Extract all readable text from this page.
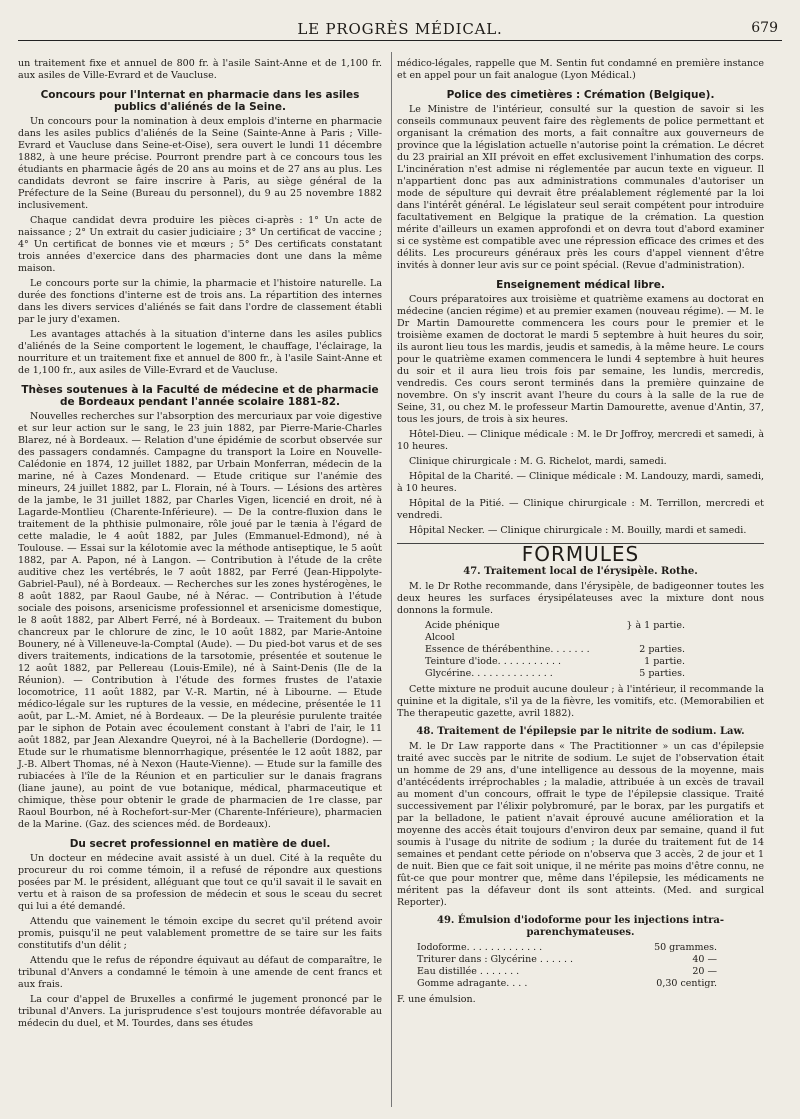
LE PROGRÈS MÉDICAL.	679

un traitement fixe et annuel de 800 fr. à l'asile Saint-Anne et de 1,100 fr. aux asiles de Ville-Evrard et de Vaucluse.

Concours pour l'Internat en pharmacie dans les asiles publics d'aliénés de la Seine.

Un concours pour la nomination à deux emplois d'interne en pharmacie dans les asiles publics d'aliénés de la Seine (Sainte-Anne à Paris ; Ville-Evrard et Vaucluse dans Seine-et-Oise), sera ouvert le lundi 11 décembre 1882, à une heure précise. Pourront prendre part à ce concours tous les étudiants en pharmacie âgés de 20 ans au moins et de 27 ans au plus. Les candidats devront se faire inscrire à Paris, au siège général de la Préfecture de la Seine (Bureau du personnel), du 9 au 25 novembre 1882 inclusivement.

Chaque candidat devra produire les pièces ci-après : 1° Un acte de naissance ; 2° Un extrait du casier judiciaire ; 3° Un certificat de vaccine ; 4° Un certificat de bonnes vie et mœurs ; 5° Des certificats constatant trois années d'exercice dans des pharmacies dont une dans la même maison.

Le concours porte sur la chimie, la pharmacie et l'histoire naturelle. La durée des fonctions d'interne est de trois ans. La répartition des internes dans les divers services d'aliénés se fait dans l'ordre de classement établi par le jury d'examen.

Les avantages attachés à la situation d'interne dans les asiles publics d'aliénés de la Seine comportent le logement, le chauffage, l'éclairage, la nourriture et un traitement fixe et annuel de 800 fr., à l'asile Saint-Anne et de 1,100 fr., aux asiles de Ville-Evrard et de Vaucluse.

Thèses soutenues à la Faculté de médecine et de pharmacie de Bordeaux pendant l'année scolaire 1881-82.

Nouvelles recherches sur l'absorption des mercuriaux par voie digestive et sur leur action sur le sang, le 23 juin 1882, par Pierre-Marie-Charles Blarez, né à Bordeaux. — Relation d'une épidémie de scorbut observée sur des passagers condamnés. Campagne du transport la Loire en Nouvelle-Calédonie en 1874, 12 juillet 1882, par Urbain Monferran, médecin de la marine, né à Cazes Mondenard. — Etude critique sur l'anémie des mineurs, 24 juillet 1882, par L. Florain, né à Tours. — Lésions des artères de la jambe, le 31 juillet 1882, par Charles Vigen, licencié en droit, né à Lagarde-Montlieu (Charente-Inférieure). — De la contre-fluxion dans le traitement de la phthisie pulmonaire, rôle joué par le tænia à l'égard de cette maladie, le 4 août 1882, par Jules (Emmanuel-Edmond), né à Toulouse. — Essai sur la kélotomie avec la méthode antiseptique, le 5 août 1882, par A. Papon, né à Langon. — Contribution à l'étude de la crête auditive chez les vertébrés, le 7 août 1882, par Ferré (Jean-Hippolyte-Gabriel-Paul), né à Bordeaux. — Recherches sur les zones hystérogènes, le 8 août 1882, par Raoul Gaube, né à Nérac. — Contribution à l'étude sociale des poisons, arsenicisme professionnel et arsenicisme domestique, le 8 août 1882, par Albert Ferré, né à Bordeaux. — Traitement du bubon chancreux par le chlorure de zinc, le 10 août 1882, par Marie-Antoine Bounery, né à Villeneuve-la-Comptal (Aude). — Du pied-bot varus et de ses divers traitements, indications de la tarsotomie, présentée et soutenue le 12 août 1882, par Pellereau (Louis-Emile), né à Saint-Denis (Ile de la Réunion). — Contribution à l'étude des formes frustes de l'ataxie locomotrice, 11 août 1882, par V.-R. Martin, né à Libourne. — Etude médico-légale sur les ruptures de la vessie, en médecine, présentée le 11 août, par L.-M. Amiet, né à Bordeaux. — De la pleurésie purulente traitée par le siphon de Potain avec écoulement constant à l'abri de l'air, le 11 août 1882, par Jean Alexandre Queyroi, né à la Bachellerie (Dordogne). — Etude sur le rhumatisme blennorrhagique, présentée le 12 août 1882, par J.-B. Albert Thomas, né à Nexon (Haute-Vienne). — Etude sur la famille des rubiacées à l'île de la Réunion et en particulier sur le danais fragrans (liane jaune), au point de vue botanique, médical, pharmaceutique et chimique, thèse pour obtenir le grade de pharmacien de 1re classe, par Raoul Bourbon, né à Rochefort-sur-Mer (Charente-Inférieure), pharmacien de la Marine. (Gaz. des sciences méd. de Bordeaux).

Du secret professionnel en matière de duel.

Un docteur en médecine avait assisté à un duel. Cité à la requête du procureur du roi comme témoin, il a refusé de répondre aux questions posées par M. le président, alléguant que tout ce qu'il savait il le savait en vertu et à raison de sa profession de médecin et sous le sceau du secret qui lui a été demandé.

Attendu que vainement le témoin excipe du secret qu'il prétend avoir promis, puisqu'il ne peut valablement promettre de se taire sur les faits constitutifs d'un délit ;

Attendu que le refus de répondre équivaut au défaut de comparaître, le tribunal d'Anvers a condamné le témoin à une amende de cent francs et aux frais.

La cour d'appel de Bruxelles a confirmé le jugement prononcé par le tribunal d'Anvers. La jurisprudence s'est toujours montrée défavorable au médecin du duel, et M. Tourdes, dans ses études

médico-légales, rappelle que M. Sentin fut condamné en première instance et en appel pour un fait analogue (Lyon Médical.)

Police des cimetières : Crémation (Belgique).

Le Ministre de l'intérieur, consulté sur la question de savoir si les conseils communaux peuvent faire des règlements de police permettant et organisant la crémation des morts, a fait connaître aux gouverneurs de province que la législation actuelle n'autorise point la crémation. Le décret du 23 prairial an XII prévoit en effet exclusivement l'inhumation des corps. L'incinération n'est admise ni réglementée par aucun texte en vigueur. Il n'appartient donc pas aux administrations communales d'autoriser un mode de sépulture qui devrait être préalablement réglementé par la loi dans l'intérêt général. Le législateur seul serait compétent pour introduire facultativement en Belgique la pratique de la crémation. La question mérite d'ailleurs un examen approfondi et on devra tout d'abord examiner si ce système est compatible avec une répression efficace des crimes et des délits. Les procureurs généraux près les cours d'appel viennent d'être invités à donner leur avis sur ce point spécial. (Revue d'administration).

Enseignement médical libre.

Cours préparatoires aux troisième et quatrième examens au doctorat en médecine (ancien régime) et au premier examen (nouveau régime). — M. le Dr Martin Damourette commencera les cours pour le premier et le troisième examen de doctorat le mardi 5 septembre à huit heures du soir, ils auront lieu tous les mardis, jeudis et samedis, à la même heure. Le cours pour le quatrième examen commencera le lundi 4 septembre à huit heures du soir et il aura lieu trois fois par semaine, les lundis, mercredis, vendredis. Ces cours seront terminés dans la première quinzaine de novembre. On s'y inscrit avant l'heure du cours à la salle de la rue de Seine, 31, ou chez M. le professeur Martin Damourette, avenue d'Antin, 37, tous les jours, de trois à six heures.

Hôtel-Dieu. — Clinique médicale : M. le Dr Joffroy, mercredi et samedi, à 10 heures.

Clinique chirurgicale : M. G. Richelot, mardi, samedi.

Hôpital de la Charité. — Clinique médicale : M. Landouzy, mardi, samedi, à 10 heures.

Hôpital de la Pitié. — Clinique chirurgicale : M. Terrillon, mercredi et vendredi.

Hôpital Necker. — Clinique chirurgicale : M. Bouilly, mardi et samedi.

FORMULES
47. Traitement local de l'érysipèle. Rothe.

M. le Dr Rothe recommande, dans l'érysipèle, de badigeonner toutes les deux heures les surfaces érysipélateuses avec la mixture dont nous donnons la formule.

Acide phénique	} à 1 partie.
Alcool
Essence de thérébenthine. . . . . . .	2 parties.
Teinture d'iode. . . . . . . . . . .	1 partie.
Glycérine. . . . . . . . . . . . . .	5 parties.

Cette mixture ne produit aucune douleur ; à l'intérieur, il recommande la quinine et la digitale, s'il ya de la fièvre, les vomitifs, etc. (Memorabilien et The therapeutic gazette, avril 1882).

48. Traitement de l'épilepsie par le nitrite de sodium. Law.

M. le Dr Law rapporte dans « The Practitionner » un cas d'épilepsie traité avec succès par le nitrite de sodium. Le sujet de l'observation était un homme de 29 ans, d'une intelligence au dessous de la moyenne, mais d'antécédents irréprochables ; la maladie, attribuée à un excès de travail au moment d'un concours, offrait le type de l'épilepsie classique. Traité successivement par l'élixir polybromuré, par le borax, par les purgatifs et par la belladone, le patient n'avait éprouvé aucune amélioration et la moyenne des accès était toujours d'environ deux par semaine, quand il fut soumis à l'usage du nitrite de sodium ; la durée du traitement fut de 14 semaines et pendant cette période on n'observa que 3 accès, 2 de jour et 1 de nuit. Bien que ce fait soit unique, il ne mérite pas moins d'être connu, ne fût-ce que pour montrer que, même dans l'épilepsie, les médicaments ne méritent pas la défaveur dont ils sont atteints. (Med. and surgical Reporter).

49. Émulsion d'iodoforme pour les injections intra-parenchymateuses.
Iodoforme. . . . . . . . . . . . .	50 grammes.
Triturer dans : Glycérine . . . . . .	40 —
Eau distillée . . . . . . .	20 —
Gomme adragante. . . .	0,30 centigr.

F. une émulsion.
